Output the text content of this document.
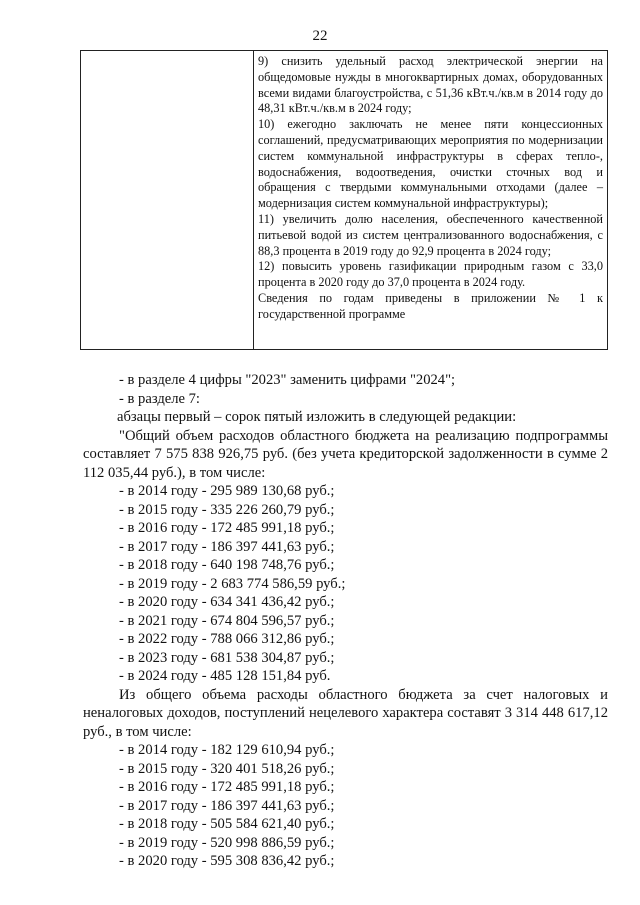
22

9) снизить удельный расход электрической энергии на общедомовые нужды в многоквартирных домах, оборудованных всеми видами благоустройства, с 51,36 кВт.ч./кв.м в 2014 году до 48,31 кВт.ч./кв.м в 2024 году;

10) ежегодно заключать не менее пяти концессионных соглашений, предусматривающих мероприятия по модернизации систем коммунальной инфраструктуры в сферах тепло-, водоснабжения, водоотведения, очистки сточных вод и обращения с твердыми коммунальными отходами (далее – модернизация систем коммунальной инфраструктуры);

11) увеличить долю населения, обеспеченного качественной питьевой водой из систем централизованного водоснабжения, с 88,3 процента в 2019 году до 92,9 процента в 2024 году;

12) повысить уровень газификации природным газом с 33,0 процента в 2020 году до 37,0 процента в 2024 году.

Сведения по годам приведены в приложении № 1 к государственной программе

- в разделе 4 цифры "2023" заменить цифрами "2024";

- в разделе 7:

абзацы первый – сорок пятый изложить в следующей редакции:

"Общий объем расходов областного бюджета на реализацию подпрограммы составляет 7 575 838 926,75 руб. (без учета кредиторской задолженности в сумме 2 112 035,44 руб.), в том числе:

- в 2014 году - 295 989 130,68 руб.;

- в 2015 году - 335 226 260,79 руб.;

- в 2016 году - 172 485 991,18 руб.;

- в 2017 году - 186 397 441,63 руб.;

- в 2018 году - 640 198 748,76 руб.;

- в 2019 году - 2 683 774 586,59 руб.;

- в 2020 году - 634 341 436,42 руб.;

- в 2021 году - 674 804 596,57 руб.;

- в 2022 году - 788 066 312,86 руб.;

- в 2023 году - 681 538 304,87 руб.;

- в 2024 году - 485 128 151,84 руб.

Из общего объема расходы областного бюджета за счет налоговых и неналоговых доходов, поступлений нецелевого характера составят 3 314 448 617,12 руб., в том числе:

- в 2014 году - 182 129 610,94 руб.;

- в 2015 году - 320 401 518,26 руб.;

- в 2016 году - 172 485 991,18 руб.;

- в 2017 году - 186 397 441,63 руб.;

- в 2018 году - 505 584 621,40 руб.;

- в 2019 году - 520 998 886,59 руб.;

- в 2020 году - 595 308 836,42 руб.;
